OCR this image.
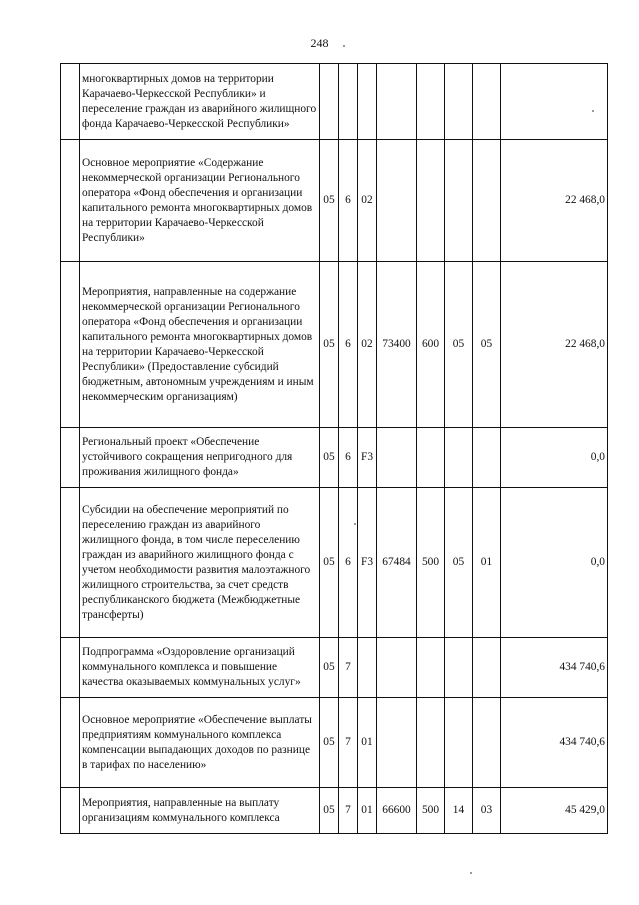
248
	многоквартирных домов на территории Карачаево-Черкесской Республики» и переселение граждан из аварийного жилищного фонда Карачаево-Черкесской Республики»								
	Основное мероприятие «Содержание некоммерческой организации Регионального оператора «Фонд обеспечения и организации капитального ремонта многоквартирных домов на территории Карачаево-Черкесской Республики»	05	6	02					22 468,0
	Мероприятия, направленные на содержание некоммерческой организации Регионального оператора «Фонд обеспечения и организации капитального ремонта многоквартирных домов на территории Карачаево-Черкесской Республики» (Предоставление субсидий бюджетным, автономным учреждениям и иным некоммерческим организациям)	05	6	02	73400	600	05	05	22 468,0
	Региональный проект «Обеспечение устойчивого сокращения непригодного для проживания жилищного фонда»	05	6	F3					0,0
	Субсидии на обеспечение мероприятий по переселению граждан из аварийного жилищного фонда, в том числе переселению граждан из аварийного жилищного фонда с учетом необходимости развития малоэтажного жилищного строительства, за счет средств республиканского бюджета (Межбюджетные трансферты)	05	6	F3	67484	500	05	01	0,0
	Подпрограмма «Оздоровление организаций коммунального комплекса и повышение качества оказываемых коммунальных услуг»	05	7						434 740,6
	Основное мероприятие «Обеспечение выплаты предприятиям коммунального комплекса компенсации выпадающих доходов по разнице в тарифах по населению»	05	7	01					434 740,6
	Мероприятия, направленные на выплату организациям коммунального комплекса	05	7	01	66600	500	14	03	45 429,0
